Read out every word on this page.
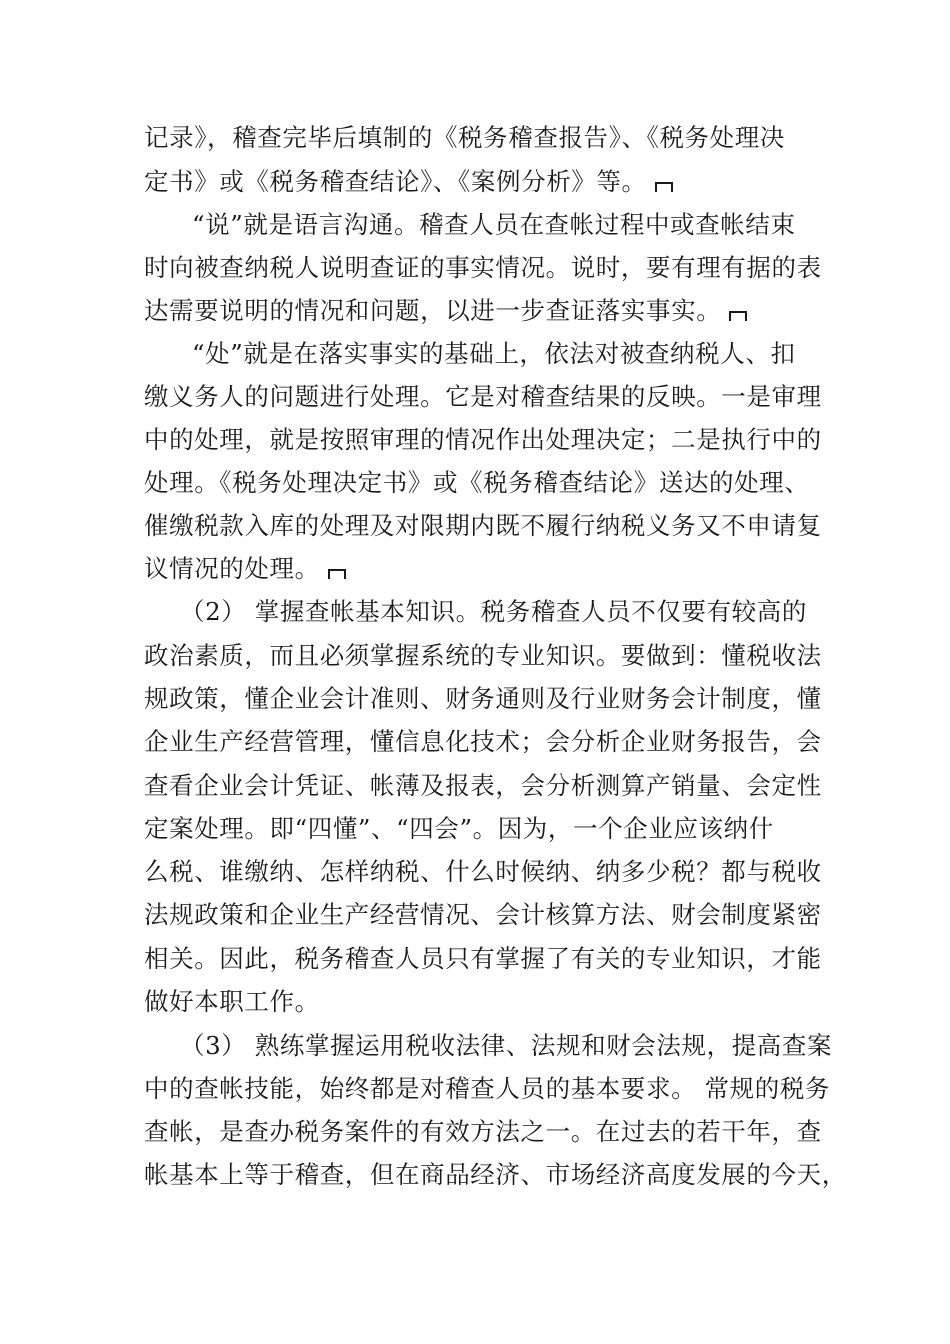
记录》，稽查完毕后填制的《税务稽查报告》、《税务处理决
定书》或《税务稽查结论》、《案例分析》等。
“说”就是语言沟通。稽查人员在查帐过程中或查帐结束
时向被查纳税人说明查证的事实情况。说时，要有理有据的表
达需要说明的情况和问题，以进一步查证落实事实。
“处”就是在落实事实的基础上，依法对被查纳税人、扣
缴义务人的问题进行处理。它是对稽查结果的反映。一是审理
中的处理，就是按照审理的情况作出处理决定；二是执行中的
处理。《税务处理决定书》或《税务稽查结论》送达的处理、
催缴税款入库的处理及对限期内既不履行纳税义务又不申请复
议情况的处理。
（2） 掌握查帐基本知识。税务稽查人员不仅要有较高的
政治素质，而且必须掌握系统的专业知识。要做到：懂税收法
规政策，懂企业会计准则、财务通则及行业财务会计制度，懂
企业生产经营管理，懂信息化技术；会分析企业财务报告，会
查看企业会计凭证、帐薄及报表，会分析测算产销量、会定性
定案处理。即“四懂”、“四会”。因为，一个企业应该纳什
么税、谁缴纳、怎样纳税、什么时候纳、纳多少税？都与税收
法规政策和企业生产经营情况、会计核算方法、财会制度紧密
相关。因此，税务稽查人员只有掌握了有关的专业知识，才能
做好本职工作。
（3） 熟练掌握运用税收法律、法规和财会法规，提高查案
中的查帐技能，始终都是对稽查人员的基本要求。 常规的税务
查帐，是查办税务案件的有效方法之一。在过去的若干年，查
帐基本上等于稽查，但在商品经济、市场经济高度发展的今天，
